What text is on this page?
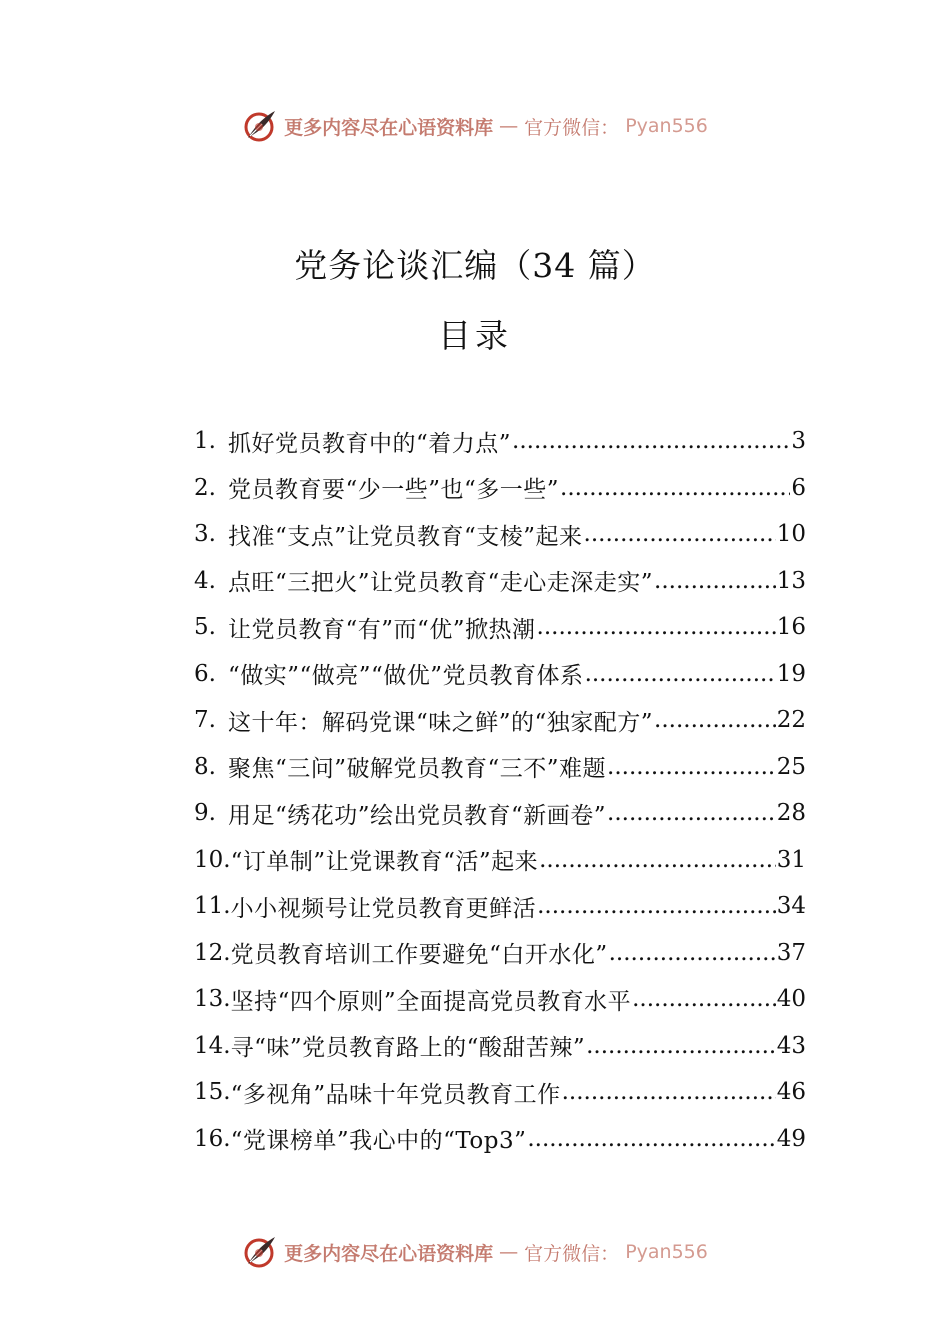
更多内容尽在心语资料库 — 官方微信： Pyan556
党务论谈汇编（34 篇）
目录
1. 抓好党员教育中的“着力点” .....	3
2. 党员教育要“少一些”也“多一些” .....	6
3. 找准“支点”让党员教育“支棱”起来 .....	10
4. 点旺“三把火”让党员教育“走心走深走实” .....	13
5. 让党员教育“有”而“优”掀热潮 .....	16
6. “做实”“做亮”“做优”党员教育体系 .....	19
7. 这十年：解码党课“味之鲜”的“独家配方” .....	22
8. 聚焦“三问”破解党员教育“三不”难题 .....	25
9. 用足“绣花功”绘出党员教育“新画卷” .....	28
10. “订单制”让党课教育“活”起来 .....	31
11. 小小视频号让党员教育更鲜活 .....	34
12. 党员教育培训工作要避免“白开水化” .....	37
13. 坚持“四个原则”全面提高党员教育水平 .....	40
14. 寻“味”党员教育路上的“酸甜苦辣” .....	43
15. “多视角”品味十年党员教育工作 .....	46
16. “党课榜单”我心中的“Top3” .....	49
更多内容尽在心语资料库 — 官方微信： Pyan556
